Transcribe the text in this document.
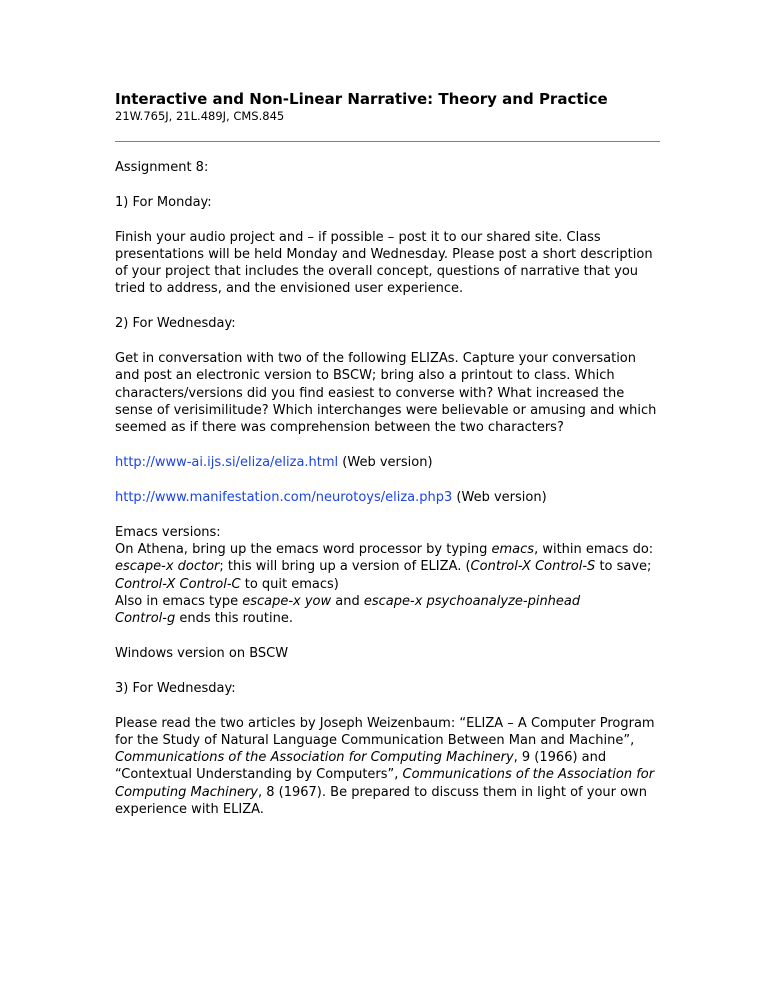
Interactive and Non-Linear Narrative: Theory and Practice
21W.765J, 21L.489J, CMS.845

Assignment 8:

1) For Monday:

Finish your audio project and – if possible – post it to our shared site. Class presentations will be held Monday and Wednesday. Please post a short description of your project that includes the overall concept, questions of narrative that you tried to address, and the envisioned user experience.

2) For Wednesday:

Get in conversation with two of the following ELIZAs. Capture your conversation and post an electronic version to BSCW; bring also a printout to class. Which characters/versions did you find easiest to converse with? What increased the sense of verisimilitude? Which interchanges were believable or amusing and which seemed as if there was comprehension between the two characters?

http://www-ai.ijs.si/eliza/eliza.html (Web version)

http://www.manifestation.com/neurotoys/eliza.php3 (Web version)

Emacs versions:
On Athena, bring up the emacs word processor by typing emacs, within emacs do: escape-x doctor; this will bring up a version of ELIZA. (Control-X Control-S to save; Control-X Control-C to quit emacs)
Also in emacs type escape-x yow and escape-x psychoanalyze-pinhead
Control-g ends this routine.

Windows version on BSCW

3) For Wednesday:

Please read the two articles by Joseph Weizenbaum: “ELIZA – A Computer Program for the Study of Natural Language Communication Between Man and Machine”, Communications of the Association for Computing Machinery, 9 (1966) and “Contextual Understanding by Computers”, Communications of the Association for Computing Machinery, 8 (1967). Be prepared to discuss them in light of your own experience with ELIZA.
